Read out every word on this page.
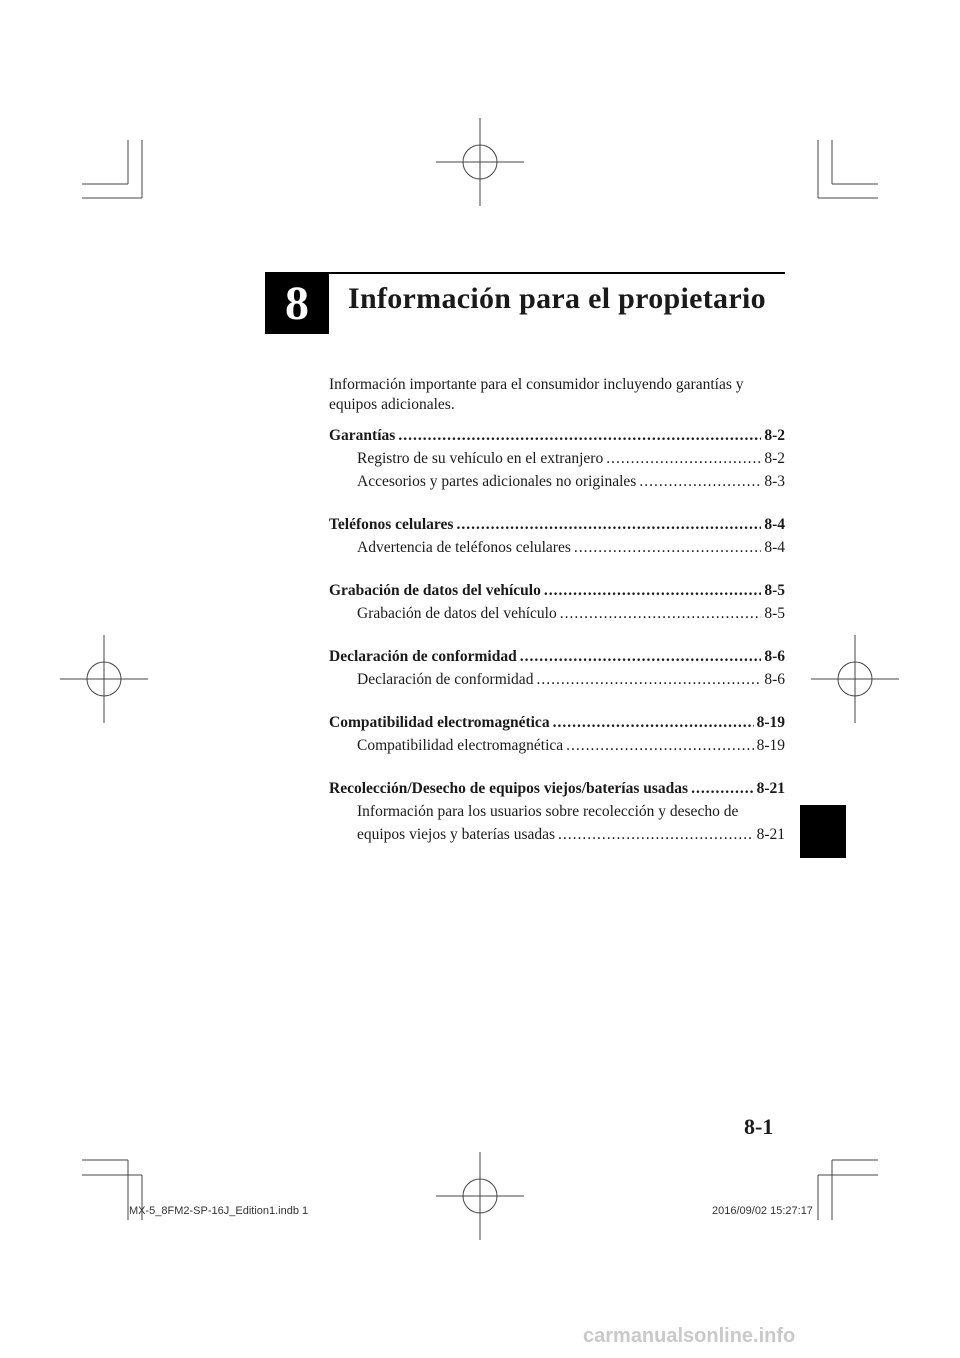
8 Información para el propietario
Información importante para el consumidor incluyendo garantías y equipos adicionales.
Garantías .....	8-2
Registro de su vehículo en el extranjero .....	8-2
Accesorios y partes adicionales no originales .....	8-3
Teléfonos celulares .....	8-4
Advertencia de teléfonos celulares .....	8-4
Grabación de datos del vehículo .....	8-5
Grabación de datos del vehículo .....	8-5
Declaración de conformidad .....	8-6
Declaración de conformidad .....	8-6
Compatibilidad electromagnética .....	8-19
Compatibilidad electromagnética .....	8-19
Recolección/Desecho de equipos viejos/baterías usadas .....	8-21
Información para los usuarios sobre recolección y desecho de
equipos viejos y baterías usadas .....	8-21
8-1
MX-5_8FM2-SP-16J_Edition1.indb 1	2016/09/02 15:27:17
carmanualsonline.info
